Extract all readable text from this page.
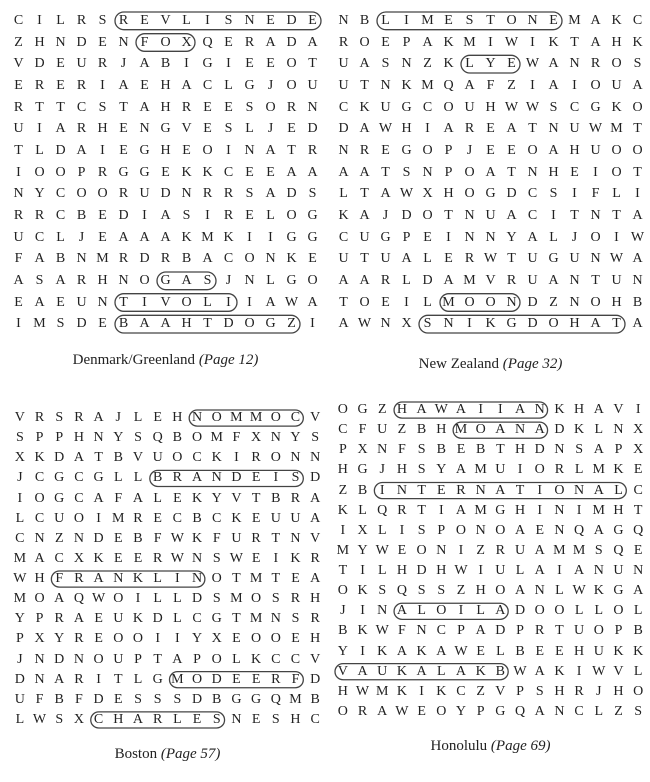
C I	L R S R E V L	I	S N E D E
Z H N D E N F O X Q E R A D A
V D E U R J A B I G I	E E O T
E R E R I A E H A C L G J O U
R T T C S T A H R E E S O R N
U I A R H E N G V E S L J	E D
T L D A I	E G H E O I N A T R
I O O P R G G E K K C E E A A
N Y C O O R U D N R R S A D S
R R C B E D I A S	I	R E L O G
U C L J	E A A A K M K I	I G G
F A B N M R D R B A C O N K E
A S A R H N O G A S	J N L G O
E A E U N T	I V O L	I	I A W A
I M S D E B A A H T D O G Z	I
Denmark/Greenland (Page 12)
N B L	I M E S T O N E M A K C
R O E P A K M I W I K T A H K
U A S N Z K L Y E W A N R O S
U T N K M Q A F Z	I A I O U A
C K U G C O U H W W S C G K O
D A W H I A R E A T N U W M T
N R E G O P	J	E E O A H U O O
A A T S N P O A T N H E	I O T
L T A W X H O G D C S	I	F L	I
K A J D O T N U A C I	T N T A
C U G P E	I N N Y A L J O I W
U T U A L E R W T U G U N W A
A A R L D A M V R U A N T U N
T O E	I	L M O O N D Z N O H B
A W N X S N I K G D O H A T A
New Zealand (Page 32)
V R S R A J L E H N O M M O C V
S P P H N Y S Q B O M F X N Y S
X K D A T B V U O C K I R O N N
J C G C G L L B R A N D E I S D
I O G C A F A L E K Y V T B R A
L C U O I M R E C B C K E U U A
C N Z N D E B F W K F U R T N V
M A C X K E E R W N S W E I K R
W H F R A N K L I N O T M T E A
M O A Q W O I L L D S M O S R H
Y P R A E U K D L C G T M N S R
P X Y R E O O I	I Y X E O O E H
J N D N O U P T A P O L K C C V
D N A R I T L G M O D E E R F D
U F B F D E S S S D B G G Q M B
L W S X C H A R L E S N E S H C
Boston (Page 57)
O G Z H A W A I	I A N K H A V I
C F U Z B H M O A N A D K L N X
P X N F S B E B T H D N S A P X
H G J H S Y A M U I O R L M K E
Z B I N T E R N A T I O N A L C
K L Q R T I A M G H I N I M H T
I X L I S P O N O A E N Q A G Q
M Y W E O N I Z R U A M M S Q E
T I L H D H W I U L A I A N U N
O K S Q S S Z H O A N L W K G A
J	I N A L O I L A D O O L L O L
B K W F N C P A D P R T U O P B
Y I K A K A W E L B E E H U K K
V A U K A L A K B W A K I W V L
H W M K I K C Z V P S H R J H O
O R A W E O Y P G Q A N C L Z S
Honolulu (Page 69)
